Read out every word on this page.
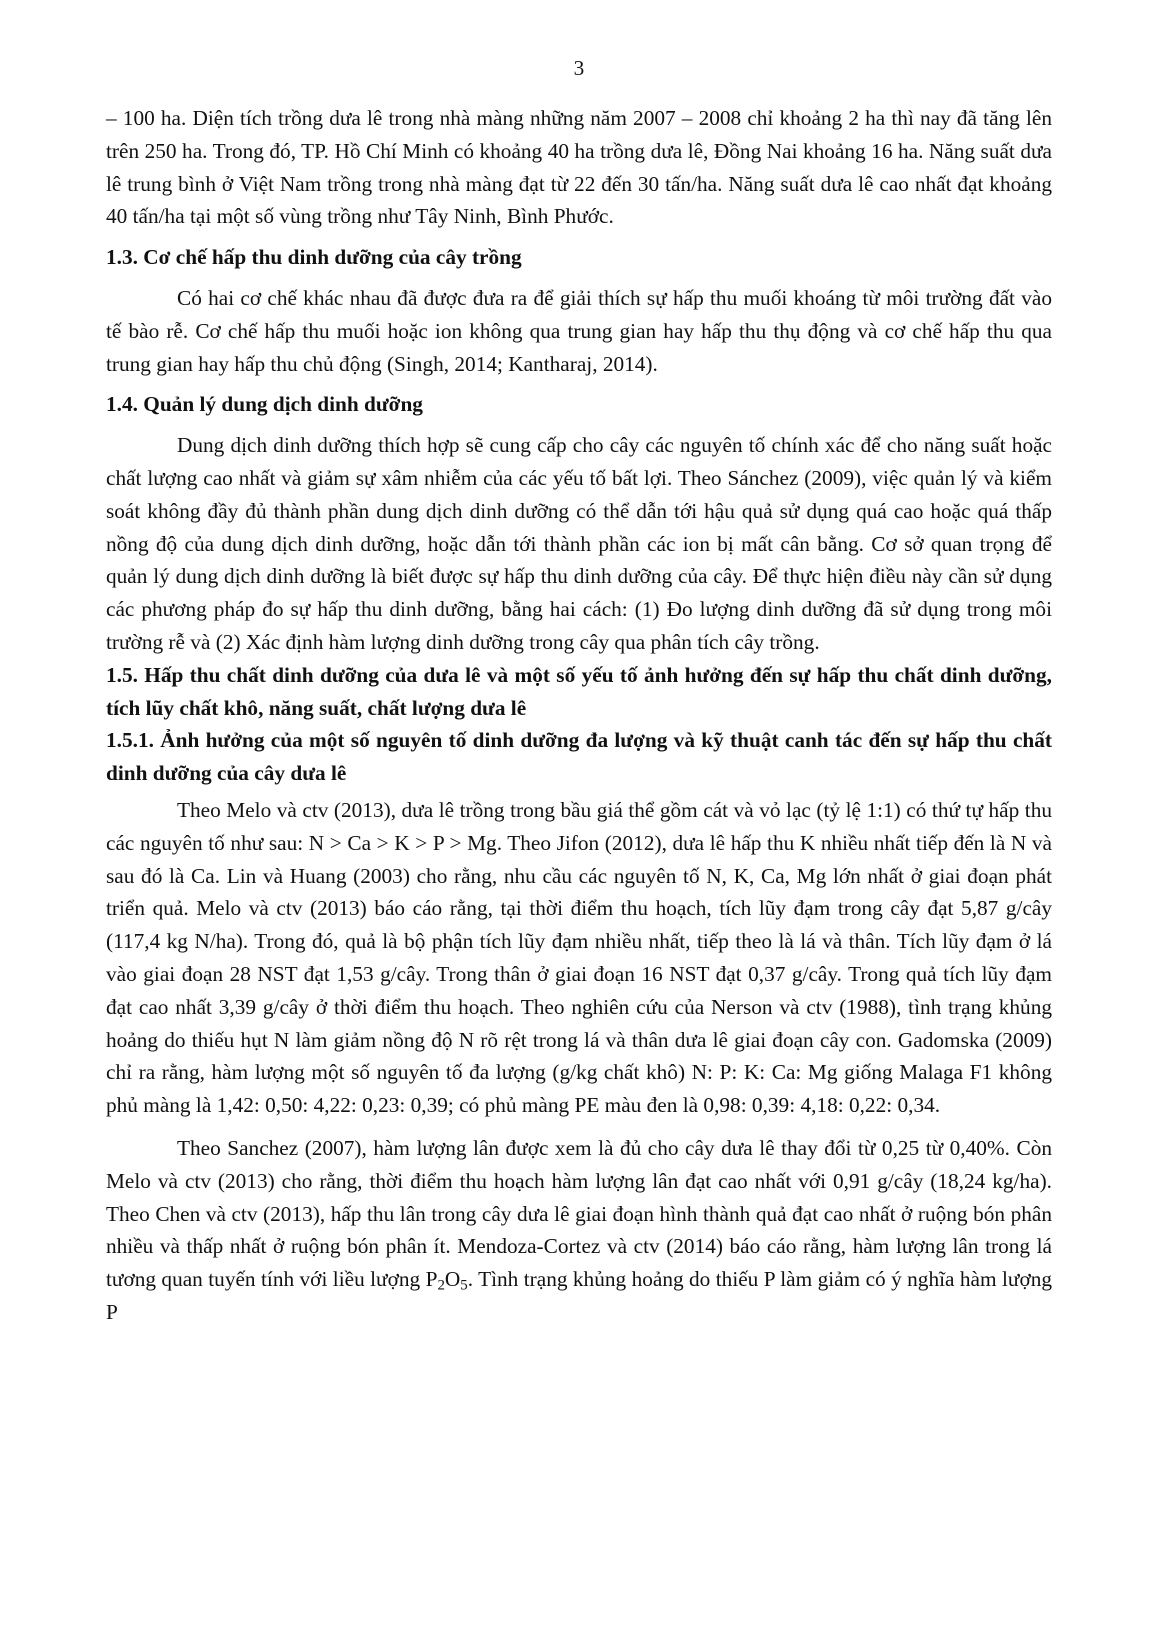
3

– 100 ha. Diện tích trồng dưa lê trong nhà màng những năm 2007 – 2008 chỉ khoảng 2 ha thì nay đã tăng lên trên 250 ha. Trong đó, TP. Hồ Chí Minh có khoảng 40 ha trồng dưa lê, Đồng Nai khoảng 16 ha. Năng suất dưa lê trung bình ở Việt Nam trồng trong nhà màng đạt từ 22 đến 30 tấn/ha. Năng suất dưa lê cao nhất đạt khoảng 40 tấn/ha tại một số vùng trồng như Tây Ninh, Bình Phước.

1.3. Cơ chế hấp thu dinh dưỡng của cây trồng

Có hai cơ chế khác nhau đã được đưa ra để giải thích sự hấp thu muối khoáng từ môi trường đất vào tế bào rễ. Cơ chế hấp thu muối hoặc ion không qua trung gian hay hấp thu thụ động và cơ chế hấp thu qua trung gian hay hấp thu chủ động (Singh, 2014; Kantharaj, 2014).

1.4. Quản lý dung dịch dinh dưỡng

Dung dịch dinh dưỡng thích hợp sẽ cung cấp cho cây các nguyên tố chính xác để cho năng suất hoặc chất lượng cao nhất và giảm sự xâm nhiễm của các yếu tố bất lợi. Theo Sánchez (2009), việc quản lý và kiểm soát không đầy đủ thành phần dung dịch dinh dưỡng có thể dẫn tới hậu quả sử dụng quá cao hoặc quá thấp nồng độ của dung dịch dinh dưỡng, hoặc dẫn tới thành phần các ion bị mất cân bằng. Cơ sở quan trọng để quản lý dung dịch dinh dưỡng là biết được sự hấp thu dinh dưỡng của cây. Để thực hiện điều này cần sử dụng các phương pháp đo sự hấp thu dinh dưỡng, bằng hai cách: (1) Đo lượng dinh dưỡng đã sử dụng trong môi trường rễ và (2) Xác định hàm lượng dinh dưỡng trong cây qua phân tích cây trồng.

1.5. Hấp thu chất dinh dưỡng của dưa lê và một số yếu tố ảnh hưởng đến sự hấp thu chất dinh dưỡng, tích lũy chất khô, năng suất, chất lượng dưa lê

1.5.1. Ảnh hưởng của một số nguyên tố dinh dưỡng đa lượng và kỹ thuật canh tác đến sự hấp thu chất dinh dưỡng của cây dưa lê

Theo Melo và ctv (2013), dưa lê trồng trong bầu giá thể gồm cát và vỏ lạc (tỷ lệ 1:1) có thứ tự hấp thu các nguyên tố như sau: N > Ca > K > P > Mg. Theo Jifon (2012), dưa lê hấp thu K nhiều nhất tiếp đến là N và sau đó là Ca. Lin và Huang (2003) cho rằng, nhu cầu các nguyên tố N, K, Ca, Mg lớn nhất ở giai đoạn phát triển quả. Melo và ctv (2013) báo cáo rằng, tại thời điểm thu hoạch, tích lũy đạm trong cây đạt 5,87 g/cây (117,4 kg N/ha). Trong đó, quả là bộ phận tích lũy đạm nhiều nhất, tiếp theo là lá và thân. Tích lũy đạm ở lá vào giai đoạn 28 NST đạt 1,53 g/cây. Trong thân ở giai đoạn 16 NST đạt 0,37 g/cây. Trong quả tích lũy đạm đạt cao nhất 3,39 g/cây ở thời điểm thu hoạch. Theo nghiên cứu của Nerson và ctv (1988), tình trạng khủng hoảng do thiếu hụt N làm giảm nồng độ N rõ rệt trong lá và thân dưa lê giai đoạn cây con. Gadomska (2009) chỉ ra rằng, hàm lượng một số nguyên tố đa lượng (g/kg chất khô) N: P: K: Ca: Mg giống Malaga F1 không phủ màng là 1,42: 0,50: 4,22: 0,23: 0,39; có phủ màng PE màu đen là 0,98: 0,39: 4,18: 0,22: 0,34.

Theo Sanchez (2007), hàm lượng lân được xem là đủ cho cây dưa lê thay đổi từ 0,25 từ 0,40%. Còn Melo và ctv (2013) cho rằng, thời điểm thu hoạch hàm lượng lân đạt cao nhất với 0,91 g/cây (18,24 kg/ha). Theo Chen và ctv (2013), hấp thu lân trong cây dưa lê giai đoạn hình thành quả đạt cao nhất ở ruộng bón phân nhiều và thấp nhất ở ruộng bón phân ít. Mendoza-Cortez và ctv (2014) báo cáo rằng, hàm lượng lân trong lá tương quan tuyến tính với liều lượng $P_2O_5$. Tình trạng khủng hoảng do thiếu P làm giảm có ý nghĩa hàm lượng P
